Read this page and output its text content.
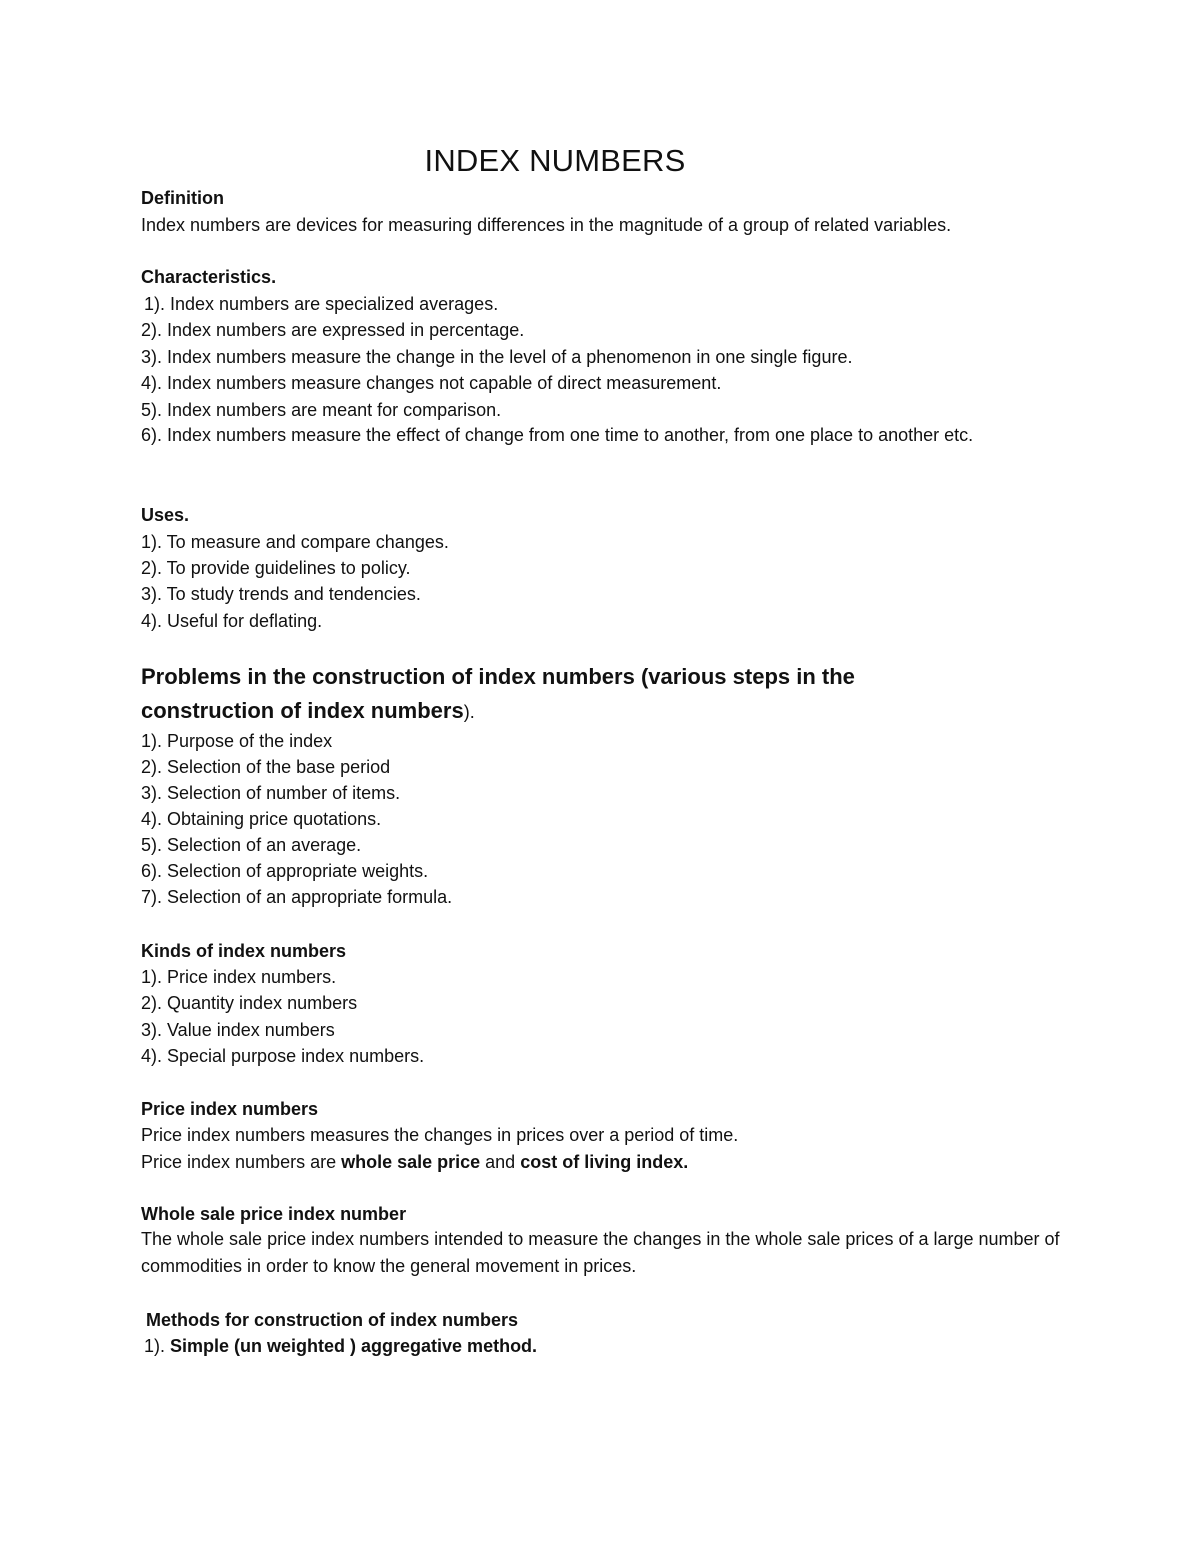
INDEX NUMBERS
Definition
Index numbers are devices for measuring differences in the magnitude of a group of related variables.
Characteristics.
1). Index numbers are specialized averages.
2). Index numbers are expressed in percentage.
3). Index numbers measure the change in the level of a phenomenon in one single figure.
4). Index numbers measure changes not capable of direct measurement.
5). Index numbers are meant for comparison.
6). Index numbers measure the effect of change from one time to another, from one place to another etc.
Uses.
1). To measure and compare changes.
2). To provide guidelines to policy.
3). To study trends and tendencies.
4). Useful for deflating.
Problems in the construction of index numbers (various steps in the
construction of index numbers).
1). Purpose of the index
2). Selection of the base period
3). Selection of number of items.
4). Obtaining price quotations.
5). Selection of an average.
6). Selection of appropriate weights.
7). Selection of an appropriate formula.
Kinds of index numbers
1). Price index numbers.
2). Quantity index numbers
3). Value index numbers
4). Special purpose index numbers.
Price index numbers
Price index numbers measures the changes in prices over a period of time.
Price index numbers are whole sale price and cost of living index.
Whole sale price index number
The whole sale price index numbers intended to measure the changes in the whole sale prices of a large number of commodities in order to know the general movement in prices.
Methods for construction of index numbers
1). Simple (un weighted ) aggregative method.
